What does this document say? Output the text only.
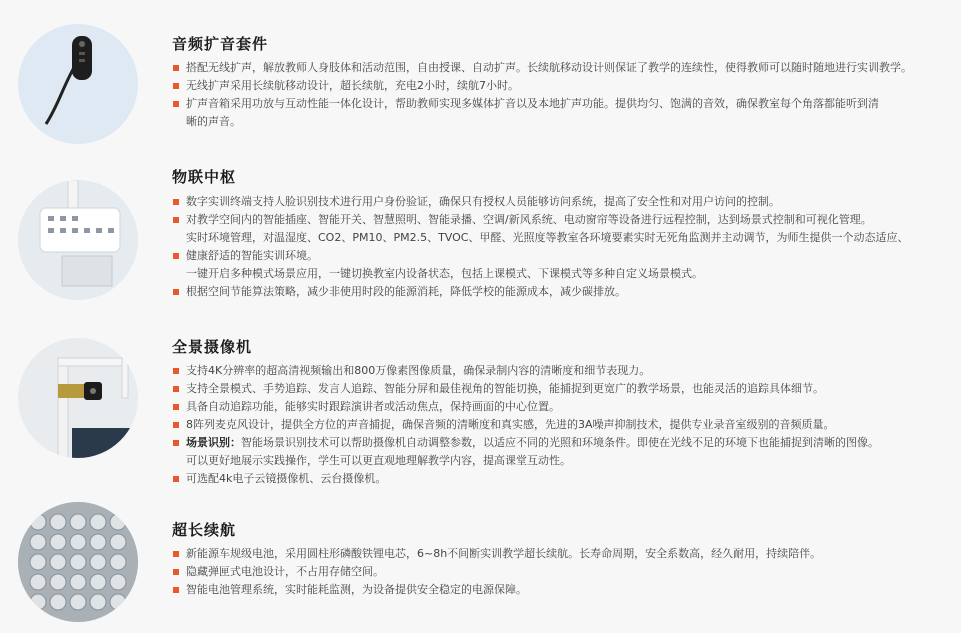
音频扩音套件
搭配无线扩声，解放教师人身肢体和活动范围，自由授课、自动扩声。长续航移动设计则保证了教学的连续性，使得教师可以随时随地进行实训教学。
无线扩声采用长续航移动设计，超长续航，充电2小时，续航7小时。
扩声音箱采用功放与互动性能一体化设计，帮助教师实现多媒体扩音以及本地扩声功能。提供均匀、饱满的音效，确保教室每个角落都能听到清
晰的声音。
物联中枢
数字实训终端支持人脸识别技术进行用户身份验证，确保只有授权人员能够访问系统，提高了安全性和对用户访问的控制。
对教学空间内的智能插座、智能开关、智慧照明、智能录播、空调/新风系统、电动窗帘等设备进行远程控制，达到场景式控制和可视化管理。
实时环境管理，对温湿度、CO2、PM10、PM2.5、TVOC、甲醛、光照度等教室各环境要素实时无死角监测并主动调节，为师生提供一个动态适应、
健康舒适的智能实训环境。
一键开启多种模式场景应用，一键切换教室内设备状态，包括上课模式、下课模式等多种自定义场景模式。
根据空间节能算法策略，减少非使用时段的能源消耗，降低学校的能源成本，减少碳排放。
全景摄像机
支持4K分辨率的超高清视频输出和800万像素图像质量，确保录制内容的清晰度和细节表现力。
支持全景模式、手势追踪、发言人追踪、智能分屏和最佳视角的智能切换，能捕捉到更宽广的教学场景，也能灵活的追踪具体细节。
具备自动追踪功能，能够实时跟踪演讲者或活动焦点，保持画面的中心位置。
8阵列麦克风设计，提供全方位的声音捕捉，确保音频的清晰度和真实感，先进的3A噪声抑制技术，提供专业录音室级别的音频质量。
场景识别：智能场景识别技术可以帮助摄像机自动调整参数，以适应不同的光照和环境条件。即使在光线不足的环境下也能捕捉到清晰的图像。
可以更好地展示实践操作，学生可以更直观地理解教学内容，提高课堂互动性。
可选配4k电子云镜摄像机、云台摄像机。
超长续航
新能源车规级电池，采用圆柱形磷酸铁锂电芯，6~8h不间断实训教学超长续航。长寿命周期，安全系数高，经久耐用，持续陪伴。
隐藏弹匣式电池设计，不占用存储空间。
智能电池管理系统，实时能耗监测，为设备提供安全稳定的电源保障。
